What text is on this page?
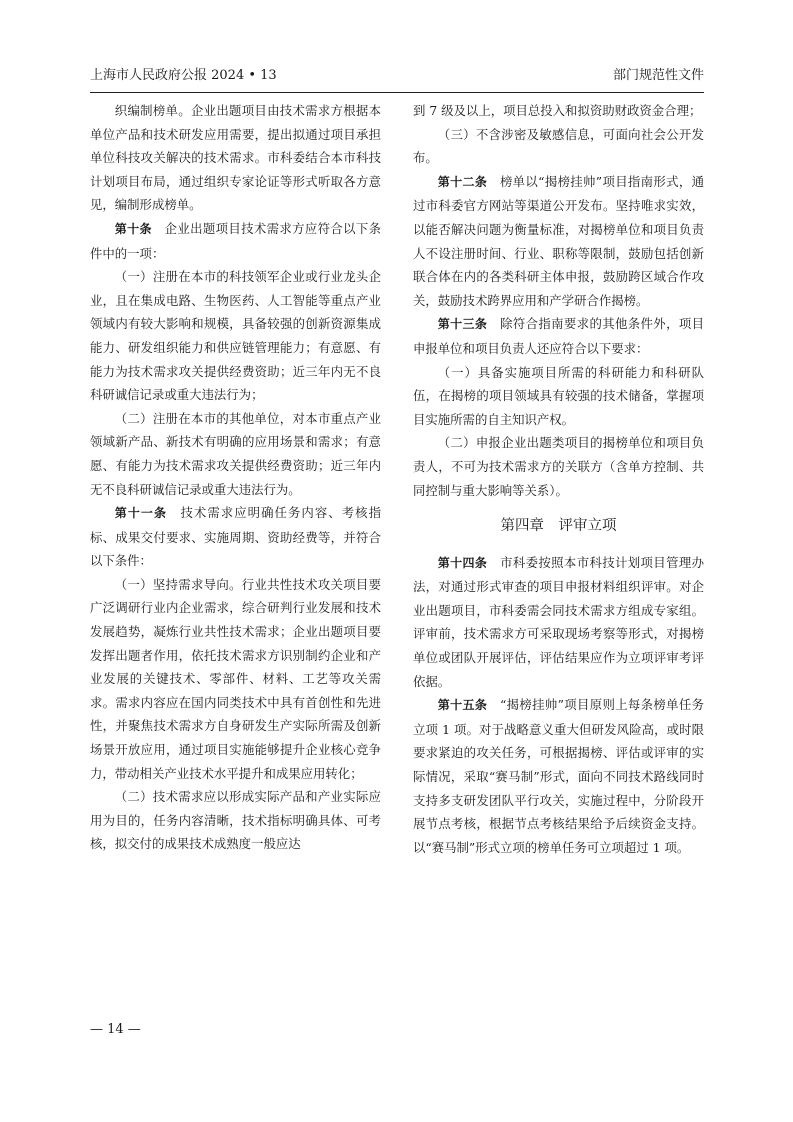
上海市人民政府公报 2024 • 13	部门规范性文件

织编制榜单。企业出题项目由技术需求方根据本单位产品和技术研发应用需要，提出拟通过项目承担单位科技攻关解决的技术需求。市科委结合本市科技计划项目布局，通过组织专家论证等形式听取各方意见，编制形成榜单。

第十条　 企业出题项目技术需求方应符合以下条件中的一项：

（一）注册在本市的科技领军企业或行业龙头企业，且在集成电路、生物医药、人工智能等重点产业领域内有较大影响和规模，具备较强的创新资源集成能力、研发组织能力和供应链管理能力；有意愿、有能力为技术需求攻关提供经费资助；近三年内无不良科研诚信记录或重大违法行为；

（二）注册在本市的其他单位，对本市重点产业领域新产品、新技术有明确的应用场景和需求；有意愿、有能力为技术需求攻关提供经费资助；近三年内无不良科研诚信记录或重大违法行为。

第十一条　 技术需求应明确任务内容、考核指标、成果交付要求、实施周期、资助经费等，并符合以下条件：

（一）坚持需求导向。行业共性技术攻关项目要广泛调研行业内企业需求，综合研判行业发展和技术发展趋势，凝炼行业共性技术需求；企业出题项目要发挥出题者作用，依托技术需求方识别制约企业和产业发展的关键技术、零部件、材料、工艺等攻关需求。需求内容应在国内同类技术中具有首创性和先进性，并聚焦技术需求方自身研发生产实际所需及创新场景开放应用，通过项目实施能够提升企业核心竞争力，带动相关产业技术水平提升和成果应用转化；

（二）技术需求应以形成实际产品和产业实际应用为目的，任务内容清晰，技术指标明确具体、可考核，拟交付的成果技术成熟度一般应达

到 7 级及以上，项目总投入和拟资助财政资金合理；

（三）不含涉密及敏感信息，可面向社会公开发布。

第十二条　 榜单以“揭榜挂帅”项目指南形式，通过市科委官方网站等渠道公开发布。坚持唯求实效，以能否解决问题为衡量标准，对揭榜单位和项目负责人不设注册时间、行业、职称等限制，鼓励包括创新联合体在内的各类科研主体申报，鼓励跨区域合作攻关，鼓励技术跨界应用和产学研合作揭榜。

第十三条　 除符合指南要求的其他条件外，项目申报单位和项目负责人还应符合以下要求：

（一）具备实施项目所需的科研能力和科研队伍，在揭榜的项目领域具有较强的技术储备，掌握项目实施所需的自主知识产权。

（二）申报企业出题类项目的揭榜单位和项目负责人，不可为技术需求方的关联方（含单方控制、共同控制与重大影响等关系）。

第四章　评审立项

第十四条　 市科委按照本市科技计划项目管理办法，对通过形式审查的项目申报材料组织评审。对企业出题项目，市科委需会同技术需求方组成专家组。评审前，技术需求方可采取现场考察等形式，对揭榜单位或团队开展评估，评估结果应作为立项评审考评依据。

第十五条　 “揭榜挂帅”项目原则上每条榜单任务立项 1 项。对于战略意义重大但研发风险高，或时限要求紧迫的攻关任务，可根据揭榜、评估或评审的实际情况，采取“赛马制”形式，面向不同技术路线同时支持多支研发团队平行攻关，实施过程中，分阶段开展节点考核，根据节点考核结果给予后续资金支持。以“赛马制”形式立项的榜单任务可立项超过 1 项。

— 14 —
